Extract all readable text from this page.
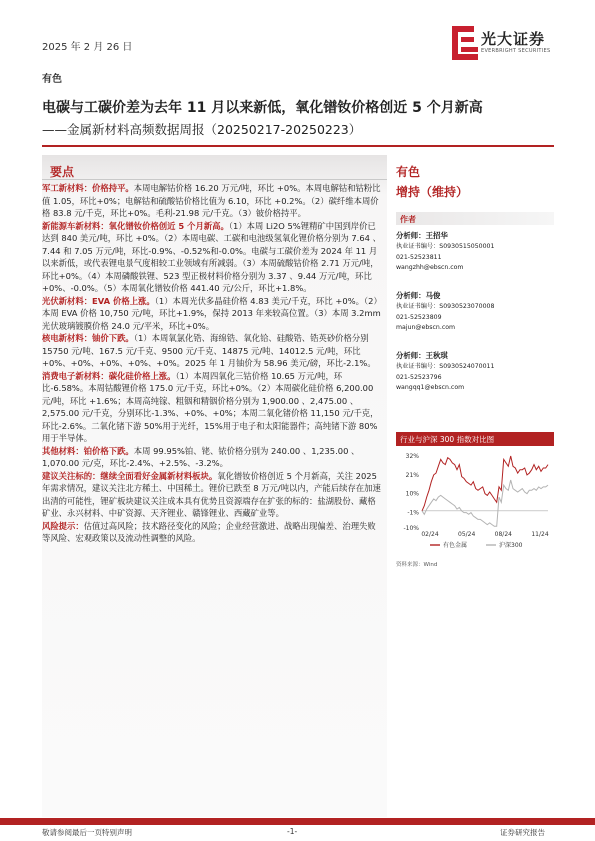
2025 年 2 月 26 日
有色
光大证券
EVERBRIGHT SECURITIES
电碳与工碳价差为去年 11 月以来新低，氧化镨钕价格创近 5 个月新高
——金属新材料高频数据周报（20250217-20250223）
要点

军工新材料：价格持平。本周电解钴价格 16.20 万元/吨，环比 +0%。本周电解钴和钴粉比值 1.05，环比+0%；电解钴和硫酸钴价格比值为 6.10，环比 +0.2%。（2）碳纤维本周价格 83.8 元/千克，环比+0%。毛利-21.98 元/千克。（3）铍价格持平。

新能源车新材料：氧化镨钕价格创近 5 个月新高。（1）本周 Li2O 5%锂精矿中国到岸价已达到 840 美元/吨，环比 +0%。（2）本周电碳、工碳和电池级氢氧化锂价格分别为 7.64 、7.44 和 7.05 万元/吨，环比-0.9%、-0.52%和-0.0%。电碳与工碳价差为 2024 年 11 月以来新低，或代表锂电景气度相较工业领域有所减弱。（3）本周硫酸钴价格 2.71 万元/吨，环比+0%。（4）本周磷酸铁锂、523 型正极材料价格分别为 3.37 、9.44 万元/吨，环比+0%、-0.0%。（5）本周氧化镨钕价格 441.40 元/公斤，环比+1.8%。

光伏新材料：EVA 价格上涨。（1）本周光伏多晶硅价格 4.83 美元/千克，环比 +0%。（2）本周 EVA 价格 10,750 元/吨，环比+1.9%，保持 2013 年来较高位置。（3）本周 3.2mm 光伏玻璃镀膜价格 24.0 元/平米，环比+0%。

核电新材料：铀价下跌。（1）本周氧氯化锆、海绵锆、氧化铪、硅酸锆、锆英砂价格分别 15750 元/吨、167.5 元/千克、9500 元/千克、14875 元/吨、14012.5 元/吨，环比+0%、+0%、+0%、+0%、+0%。2025 年 1 月铀价为 58.96 美元/磅，环比-2.1%。

消费电子新材料：碳化硅价格上涨。（1）本周四氧化三钴价格 10.65 万元/吨，环比-6.58%。本周钴酸锂价格 175.0 元/千克，环比+0%。（2）本周碳化硅价格 6,200.00 元/吨，环比 +1.6%；本周高纯镓、粗铟和精铟价格分别为 1,900.00 、2,475.00 、2,575.00 元/千克，分别环比-1.3%、+0%、+0%；本周二氧化锗价格 11,150 元/千克，环比-2.6%。二氧化锗下游 50%用于光纤，15%用于电子和太阳能器件；高纯锗下游 80%用于半导体。

其他材料：铂价格下跌。本周 99.95%铂、铑、铱价格分别为 240.00 、1,235.00 、1,070.00 元/克，环比-2.4%、+2.5%、-3.2%。

建议关注标的：继续全面看好金属新材料板块。氧化镨钕价格创近 5 个月新高，关注 2025 年需求情况，建议关注北方稀土、中国稀土。锂价已跌至 8 万元/吨以内，产能后续存在加速出清的可能性，锂矿板块建议关注成本具有优势且资源端存在扩张的标的：盐湖股份、藏格矿业、永兴材料、中矿资源、天齐锂业、赣锋锂业、西藏矿业等。

风险提示：估值过高风险；技术路径变化的风险；企业经营激进、战略出现偏差、治理失败等风险、宏观政策以及流动性调整的风险。

有色
增持（维持）
作者
分析师：王招华
执业证书编号：S0930515050001
021-52523811
wangzhh@ebscn.com
分析师：马俊
执业证书编号：S0930523070008
021-52523809
majun@ebscn.com
分析师：王秋琪
执业证书编号：S0930524070011
021-52523796
wangqq1@ebscn.com
行业与沪深 300 指数对比图
32%
21%
10%
-1%
-10%
02/24	05/24	08/24	11/24
有色金属	沪深300
资料来源：Wind
敬请参阅最后一页特别声明	-1-	证券研究报告
